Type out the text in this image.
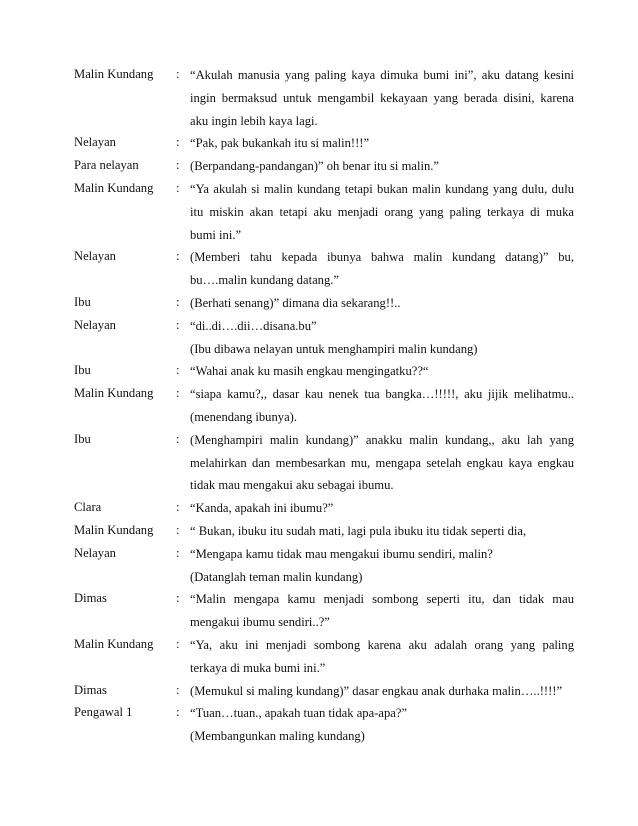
Malin Kundang : “Akulah manusia yang paling kaya dimuka bumi ini”, aku datang kesini
ingin bermaksud untuk mengambil kekayaan yang berada disini, karena
aku ingin lebih kaya lagi.
Nelayan	: “Pak, pak bukankah itu si malin!!!”
Para nelayan	: (Berpandang-pandangan)” oh benar itu si malin.”
Malin Kundang : “Ya akulah si malin kundang tetapi bukan malin kundang yang dulu, dulu
itu miskin akan tetapi aku menjadi orang yang paling terkaya di muka
bumi ini.”
Nelayan	: (Memberi tahu kepada ibunya bahwa malin kundang datang)” bu,
bu….malin kundang datang.”
Ibu	: (Berhati senang)” dimana dia sekarang!!..
Nelayan	: “di..di….dii…disana.bu”
(Ibu dibawa nelayan untuk menghampiri malin kundang)
Ibu	: “Wahai anak ku masih engkau mengingatku??“
Malin Kundang : “siapa kamu?,, dasar kau nenek tua bangka…!!!!!, aku jijik melihatmu..
(menendang ibunya).
Ibu	: (Menghampiri malin kundang)” anakku malin kundang,, aku lah yang
melahirkan dan membesarkan mu, mengapa setelah engkau kaya engkau
tidak mau mengakui aku sebagai ibumu.
Clara	: “Kanda, apakah ini ibumu?”
Malin Kundang : “ Bukan, ibuku itu sudah mati, lagi pula ibuku itu tidak seperti dia,
Nelayan	: “Mengapa kamu tidak mau mengakui ibumu sendiri, malin?
(Datanglah teman malin kundang)
Dimas	: “Malin mengapa kamu menjadi sombong seperti itu, dan tidak mau
mengakui ibumu sendiri..?”
Malin Kundang : “Ya, aku ini menjadi sombong karena aku adalah orang yang paling
terkaya di muka bumi ini.”
Dimas	: (Memukul si maling kundang)” dasar engkau anak durhaka malin…..!!!!”
Pengawal 1	: “Tuan…tuan., apakah tuan tidak apa-apa?”
(Membangunkan maling kundang)
